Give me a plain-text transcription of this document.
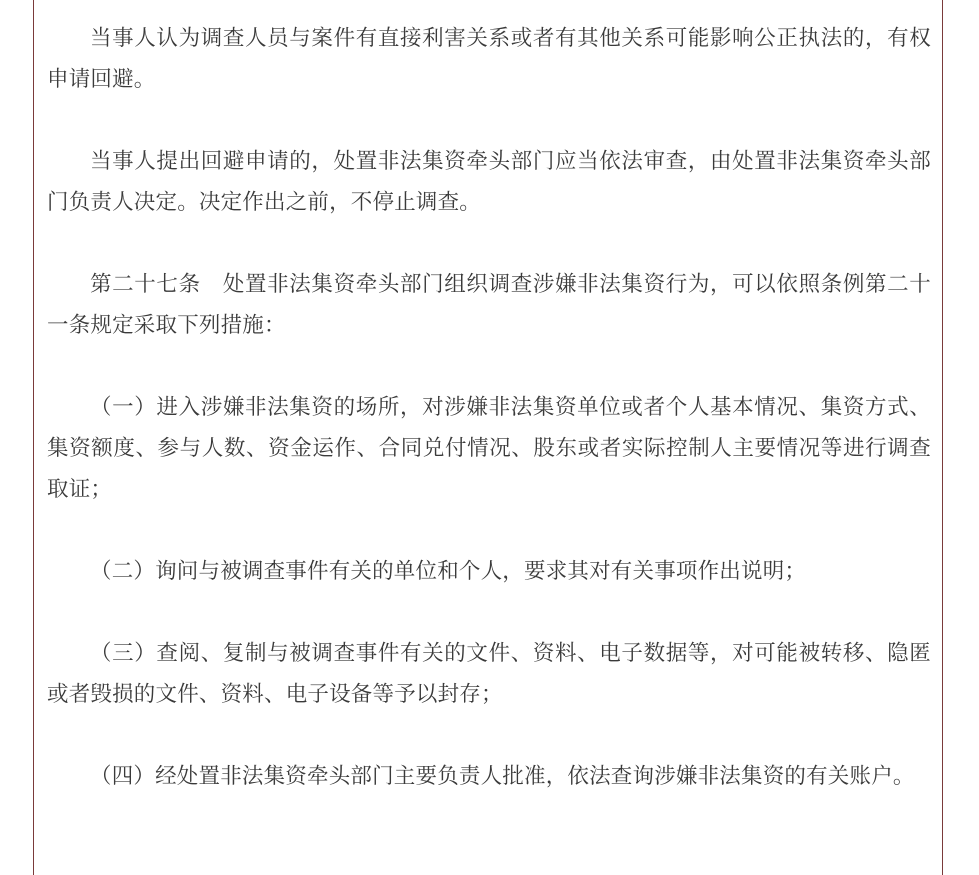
当事人认为调查人员与案件有直接利害关系或者有其他关系可能影响公正执法的，有权申请回避。

当事人提出回避申请的，处置非法集资牵头部门应当依法审查，由处置非法集资牵头部门负责人决定。决定作出之前，不停止调查。

第二十七条　处置非法集资牵头部门组织调查涉嫌非法集资行为，可以依照条例第二十一条规定采取下列措施：

（一）进入涉嫌非法集资的场所，对涉嫌非法集资单位或者个人基本情况、集资方式、集资额度、参与人数、资金运作、合同兑付情况、股东或者实际控制人主要情况等进行调查取证；

（二）询问与被调查事件有关的单位和个人，要求其对有关事项作出说明；

（三）查阅、复制与被调查事件有关的文件、资料、电子数据等，对可能被转移、隐匿或者毁损的文件、资料、电子设备等予以封存；

（四）经处置非法集资牵头部门主要负责人批准，依法查询涉嫌非法集资的有关账户。
